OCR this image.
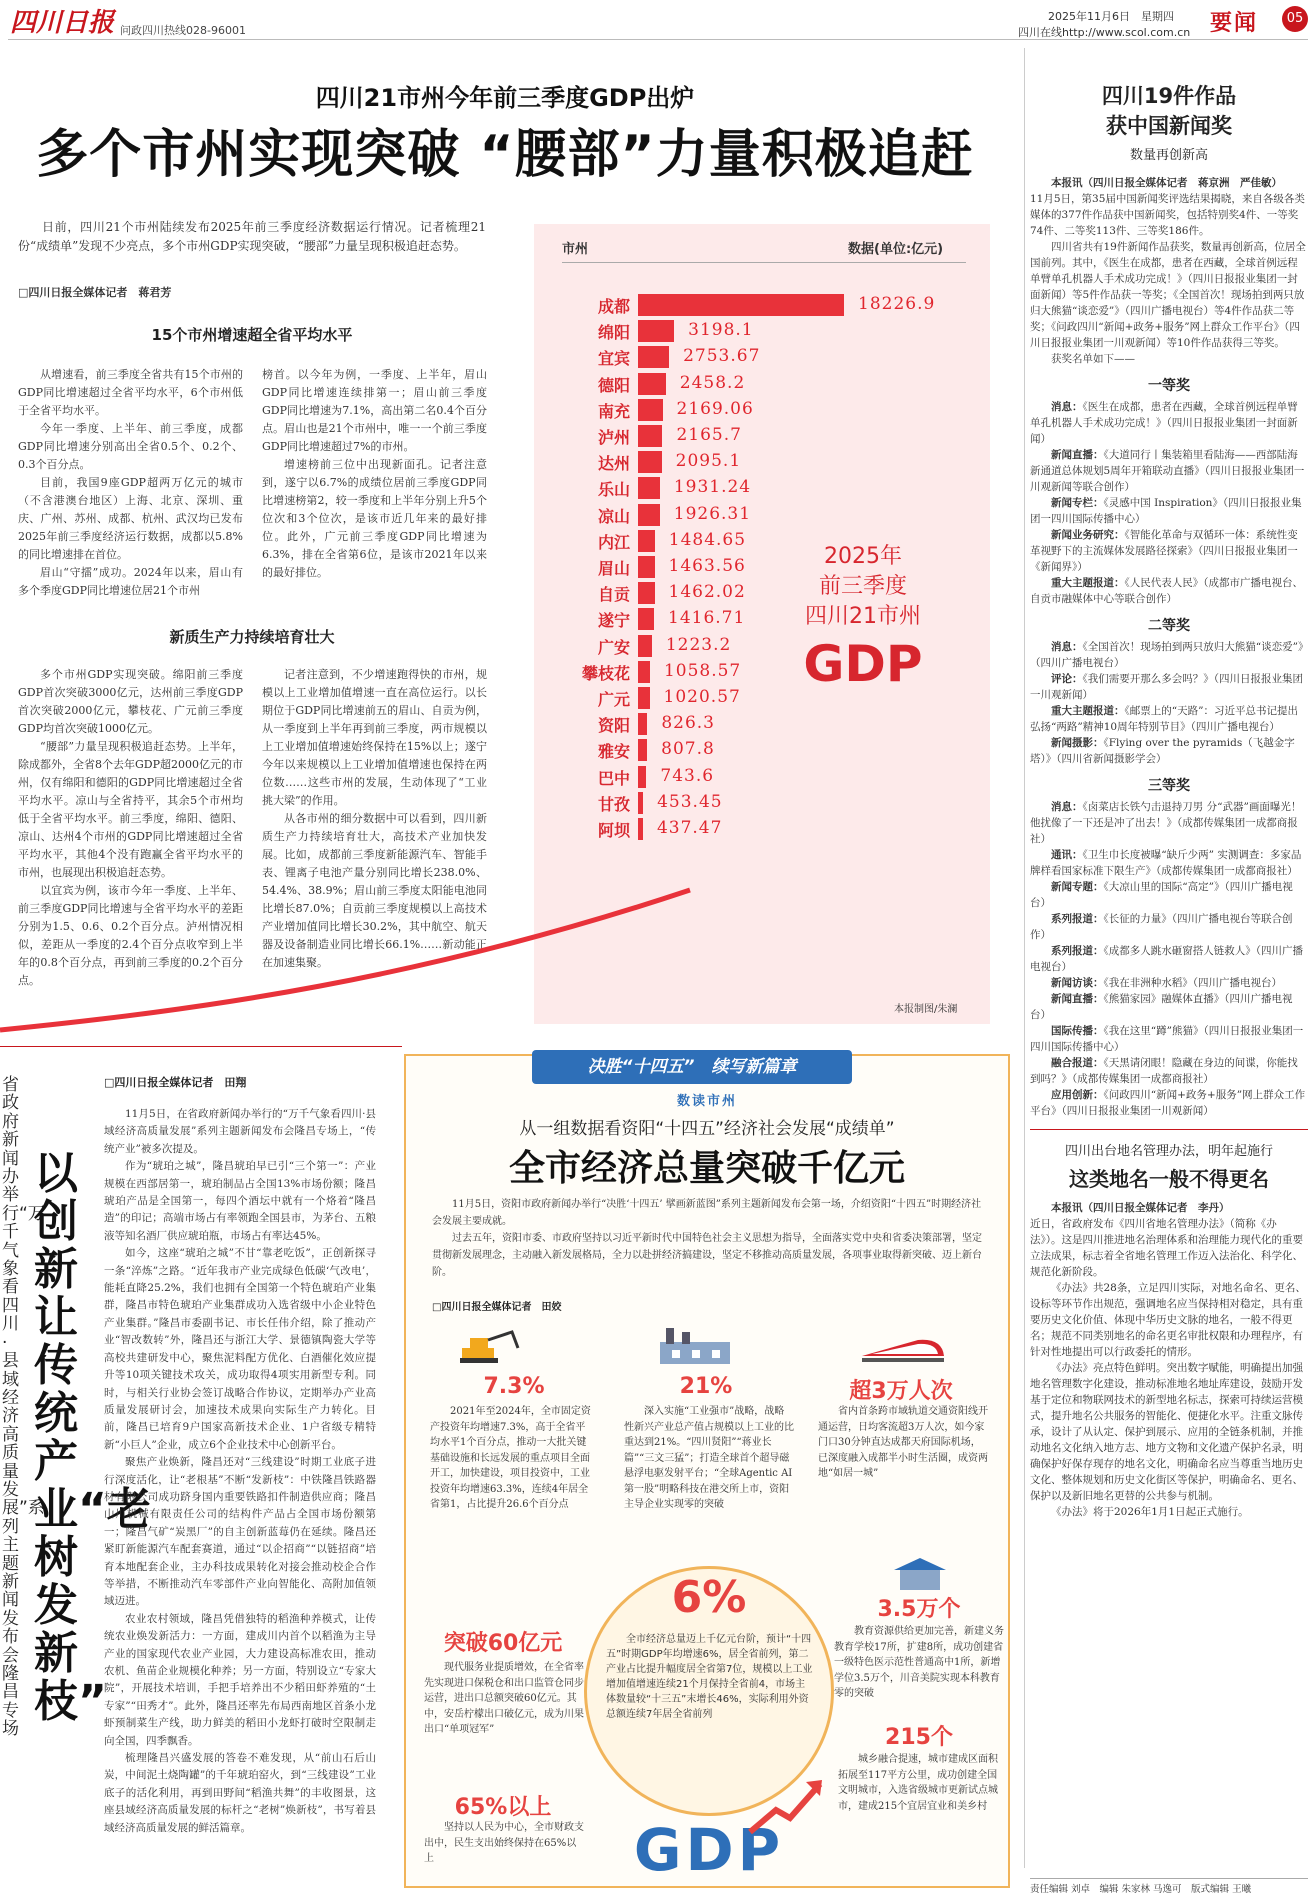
四川日报 问政四川热线028-96001
2025年11月6日　星期四
四川在线http://www.scol.com.cn 要闻	05
四川21市州今年前三季度GDP出炉
多个市州实现突破 “腰部”力量积极追赶
日前，四川21个市州陆续发布2025年前三季度经济数据运行情况。记者梳理21份“成绩单”发现不少亮点，多个市州GDP实现突破，“腰部”力量呈现积极追赶态势。
□四川日报全媒体记者　蒋君芳
15个市州增速超全省平均水平

从增速看，前三季度全省共有15个市州的GDP同比增速超过全省平均水平，6个市州低于全省平均水平。

今年一季度、上半年、前三季度，成都GDP同比增速分别高出全省0.5个、0.2个、0.3个百分点。

目前，我国9座GDP超两万亿元的城市（不含港澳台地区）上海、北京、深圳、重庆、广州、苏州、成都、杭州、武汉均已发布2025年前三季度经济运行数据，成都以5.8%的同比增速排在首位。

眉山“守擂”成功。2024年以来，眉山有多个季度GDP同比增速位居21个市州

榜首。以今年为例，一季度、上半年，眉山GDP同比增速连续排第一；眉山前三季度GDP同比增速为7.1%，高出第二名0.4个百分点。眉山也是21个市州中，唯一一个前三季度GDP同比增速超过7%的市州。

增速榜前三位中出现新面孔。记者注意到，遂宁以6.7%的成绩位居前三季度GDP同比增速榜第2，较一季度和上半年分别上升5个位次和3个位次，是该市近几年来的最好排位。此外，广元前三季度GDP同比增速为6.3%，排在全省第6位，是该市2021年以来的最好排位。

新质生产力持续培育壮大

多个市州GDP实现突破。绵阳前三季度GDP首次突破3000亿元，达州前三季度GDP首次突破2000亿元，攀枝花、广元前三季度GDP均首次突破1000亿元。

“腰部”力量呈现积极追赶态势。上半年，除成都外，全省8个去年GDP超2000亿元的市州，仅有绵阳和德阳的GDP同比增速超过全省平均水平。凉山与全省持平，其余5个市州均低于全省平均水平。前三季度，绵阳、德阳、凉山、达州4个市州的GDP同比增速超过全省平均水平，其他4个没有跑赢全省平均水平的市州，也展现出积极追赶态势。

以宜宾为例，该市今年一季度、上半年、前三季度GDP同比增速与全省平均水平的差距分别为1.5、0.6、0.2个百分点。泸州情况相似，差距从一季度的2.4个百分点收窄到上半年的0.8个百分点，再到前三季度的0.2个百分点。

记者注意到，不少增速跑得快的市州，规模以上工业增加值增速一直在高位运行。以长期位于GDP同比增速前五的眉山、自贡为例，从一季度到上半年再到前三季度，两市规模以上工业增加值增速始终保持在15%以上；遂宁今年以来规模以上工业增加值增速也保持在两位数……这些市州的发展，生动体现了“工业挑大梁”的作用。

从各市州的细分数据中可以看到，四川新质生产力持续培育壮大，高技术产业加快发展。比如，成都前三季度新能源汽车、智能手表、锂离子电池产量分别同比增长238.0%、54.4%、38.9%；眉山前三季度太阳能电池同比增长87.0%；自贡前三季度规模以上高技术产业增加值同比增长30.2%，其中航空、航天器及设备制造业同比增长66.1%……新动能正在加速集聚。

市州	数据(单位:亿元)
成都	18226.9
绵阳	3198.1
宜宾	2753.67
德阳	2458.2
南充	2169.06
泸州	2165.7
达州	2095.1
乐山	1931.24
凉山	1926.31
内江 1484.65
眉山 1463.56
自贡 1462.02
遂宁 1416.71
广安 1223.2
攀枝花 1058.57
广元 1020.57
资阳 826.3
雅安 807.8
巴中 743.6
甘孜 453.45
阿坝 437.47
2025年
前三季度
四川21市州
GDP
本报制图/朱澜
省政府新闻办举行“万千气象看四川·县域经济高质量发展”系列主题新闻发布会隆昌专场
以创新让传统产业“老树发新枝”
□四川日报全媒体记者　田翔

11月5日，在省政府新闻办举行的“万千气象看四川·县域经济高质量发展”系列主题新闻发布会隆昌专场上，“传统产业”被多次提及。

作为“琥珀之城”，隆昌琥珀早已引“三个第一”：产业规模在西部居第一，琥珀制品占全国13%市场份额；隆昌琥珀产品是全国第一，每四个酒坛中就有一个烙着“隆昌造”的印记；高端市场占有率领跑全国县市，为茅台、五粮液等知名酒厂供应琥珀瓶，市场占有率达45%。

如今，这座“琥珀之城”不甘“靠老吃饭”，正创新探寻一条“淬炼”之路。“近年我市产业完成绿色低碳‘气改电’，能耗直降25.2%，我们也拥有全国第一个特色琥珀产业集群，隆昌市特色琥珀产业集群成功入选省级中小企业特色产业集群。”隆昌市委副书记、市长任伟介绍，除了推动产业“智改数转”外，隆昌还与浙江大学、景德镇陶瓷大学等高校共建研发中心，聚焦泥料配方优化、白酒催化效应提升等10项关键技术攻关，成功取得4项实用新型专利。同时，与相关行业协会签订战略合作协议，定期举办产业高质量发展研讨会，加速技术成果向实际生产力转化。目前，隆昌已培育9户国家高新技术企业、1户省级专精特新“小巨人”企业，成立6个企业技术中心创新平台。

聚焦产业焕新，隆昌还对“三线建设”时期工业底子进行深度活化，让“老根基”不断“发新枝”：中铁隆昌铁路器材有限公司成功跻身国内重要铁路扣件制造供应商；隆昌山川机械有限责任公司的结构件产品占全国市场份额第一；隆昌气矿“炭黑厂”的自主创新蓝莓仍在延续。隆昌还紧盯新能源汽车配套赛道，通过“以企招商”“以链招商”培育本地配套企业，主办科技成果转化对接会推动校企合作等举措，不断推动汽车零部件产业向智能化、高附加值领域迈进。

农业农村领域，隆昌凭借独特的稻渔种养模式，让传统农业焕发新活力：一方面，建成川内首个以稻渔为主导产业的国家现代农业产业园，大力建设高标准农田，推动农机、鱼苗企业规模化种养；另一方面，特别设立“专家大院”，开展技术培训，手把手培养出不少稻田虾养殖的“土专家”“田秀才”。此外，隆昌还率先布局西南地区首条小龙虾预制菜生产线，助力鲜美的稻田小龙虾打破时空限制走向全国，四季飘香。

梳理隆昌兴盛发展的答卷不难发现，从“前山石后山炭，中间泥土烧陶罐”的千年琥珀窑火，到“三线建设”工业底子的活化利用，再到田野间“稻渔共舞”的丰收图景，这座县域经济高质量发展的标杆之“老树”焕新枝”，书写着县域经济高质量发展的鲜活篇章。

决胜“十四五”　续写新篇章
数读市州
从一组数据看资阳“十四五”经济社会发展“成绩单”
全市经济总量突破千亿元
11月5日，资阳市政府新闻办举行“决胜‘十四五’ 擘画新蓝图”系列主题新闻发布会第一场，介绍资阳“十四五”时期经济社会发展主要成就。
过去五年，资阳市委、市政府坚持以习近平新时代中国特色社会主义思想为指导，全面落实党中央和省委决策部署，坚定贯彻新发展理念，主动融入新发展格局，全力以赴拼经济搞建设，坚定不移推动高质量发展，各项事业取得新突破、迈上新台阶。
□四川日报全媒体记者　田姣
7.3%
2021年至2024年，全市固定资产投资年均增速7.3%，高于全省平均水平1个百分点，推动一大批关键基础设施和长远发展的重点项目全面开工，加快建设，项目投资中，工业投资年均增速63.3%，连续4年居全省第1，占比提升26.6个百分点
21%
深入实施“工业强市”战略，战略性新兴产业总产值占规模以上工业的比重达到21%。“四川贤阳”“蒋业长篇”“三文三猛”；打造全球首个超导磁悬浮电驱发射平台；“全球Agentic AI第一股”明略科技在港交所上市，资阳主导企业实现零的突破
超3万人次
省内首条跨市域轨道交通资阳线开通运营，日均客流超3万人次，如今家门口30分钟直达成都天府国际机场，已深度融入成都半小时生活圈，成资两地“如居一城”
6%
全市经济总量迈上千亿元台阶，预计“十四五”时期GDP年均增速6%，居全省前列，第二产业占比提升幅度居全省第7位，规模以上工业增加值增速连续21个月保持全省前4，市场主体数量较“十三五”末增长46%，实际利用外资总额连续7年居全省前列
3.5万个
教育资源供给更加完善，新建义务教育学校17所，扩建8所，成功创建省一级特色医示范性普通高中1所，新增学位3.5万个，川音美院实现本科教育零的突破
突破60亿元
现代服务业提质增效，在全省率先实现进口保税仓和出口监管仓同步运营，进出口总额突破60亿元。其中，安岳柠檬出口破亿元，成为川果出口“单项冠军”
65%以上
坚持以人民为中心，全市财政支出中，民生支出始终保持在65%以上
215个
城乡融合提速，城市建成区面积拓展至117平方公里，成功创建全国文明城市，入选省级城市更新试点城市，建成215个宜居宜业和美乡村
GDP
四川19件作品
获中国新闻奖
数量再创新高
本报讯（四川日报全媒体记者　蒋京洲　严佳敏）

11月5日，第35届中国新闻奖评选结果揭晓，来自各级各类媒体的377件作品获中国新闻奖，包括特别奖4件、一等奖74件、二等奖113件、三等奖186件。

四川省共有19件新闻作品获奖，数量再创新高，位居全国前列。其中，《医生在成都，患者在西藏，全球首例远程单臂单孔机器人手术成功完成！》（四川日报报业集团一封面新闻）等5件作品获一等奖；《全国首次！现场拍到两只放归大熊猫“谈恋爱”》（四川广播电视台）等4件作品获二等奖；《问政四川“新闻+政务+服务”网上群众工作平台》（四川日报报业集团一川观新闻）等10件作品获得三等奖。

获奖名单如下——

一等奖

消息：《医生在成都，患者在西藏，全球首例远程单臂单孔机器人手术成功完成！》（四川日报报业集团一封面新闻）

新闻直播：《大道同行丨集装箱里看陆海——西部陆海新通道总体规划5周年开箱联动直播》（四川日报报业集团一川观新闻等联合创作）

新闻专栏：《灵感中国 Inspiration》（四川日报报业集团一四川国际传播中心）

新闻业务研究：《智能化革命与双循环一体：系统性变革视野下的主流媒体发展路径探索》（四川日报报业集团一《新闻界》）

重大主题报道：《人民代表人民》（成都市广播电视台、自贡市融媒体中心等联合创作）

二等奖

消息：《全国首次！现场拍到两只放归大熊猫“谈恋爱”》（四川广播电视台）

评论：《我们需要开那么多会吗？》（四川日报报业集团一川观新闻）

重大主题报道：《邮票上的“天路”：习近平总书记提出弘扬“两路”精神10周年特别节目》（四川广播电视台）

新闻摄影：《Flying over the pyramids（飞越金字塔）》（四川省新闻摄影学会）

三等奖

消息：《卤菜店长铁勺击退持刀男 分“武器”画面曝光！他扰像了一下还是冲了出去！》（成都传媒集团一成都商报社）

通讯：《卫生巾长度被曝“缺斤少两” 实测调查：多家品牌样看国家标准下限生产》（成都传媒集团一成都商报社）

新闻专题：《大凉山里的国际“高定”》（四川广播电视台）

系列报道：《长征的力量》（四川广播电视台等联合创作）

系列报道：《成都多人跳水砸窗搭人链救人》（四川广播电视台）

新闻访谈：《我在非洲种水稻》（四川广播电视台）

新闻直播：《熊猫家园》融媒体直播》（四川广播电视台）

国际传播：《我在这里“蹲”熊猫》（四川日报报业集团一四川国际传播中心）

融合报道：《天黑请闭眼！隐藏在身边的间谍，你能找到吗？》（成都传媒集团一成都商报社）

应用创新：《问政四川“新闻+政务+服务”网上群众工作平台》（四川日报报业集团一川观新闻）

四川出台地名管理办法，明年起施行
这类地名一般不得更名
本报讯（四川日报全媒体记者　李丹）

近日，省政府发布《四川省地名管理办法》（简称《办法》）。这是四川推进地名治理体系和治理能力现代化的重要立法成果，标志着全省地名管理工作迈入法治化、科学化、规范化新阶段。

《办法》共28条，立足四川实际，对地名命名、更名、设标等环节作出规范，强调地名应当保持相对稳定，具有重要历史文化价值、体现中华历史文脉的地名，一般不得更名；规范不同类别地名的命名更名审批权限和办理程序，有针对性地提出可以行政委托的情形。

《办法》亮点特色鲜明。突出数字赋能，明确提出加强地名管理数字化建设，推动标准地名地址库建设，鼓励开发基于定位和物联网技术的新型地名标志，探索可持续运营模式，提升地名公共服务的智能化、便捷化水平。注重文脉传承，设计了从认定、保护到展示、应用的全链条机制，并推动地名文化纳入地方志、地方文物和文化遗产保护名录，明确保护好保存现存的地名文化，明确命名应当尊重当地历史文化、整体规划和历史文化街区等保护，明确命名、更名、保护以及新旧地名更替的公共参与机制。

《办法》将于2026年1月1日起正式施行。

责任编辑 刘卓　编辑 朱家林 马逸可　版式编辑 王曦
